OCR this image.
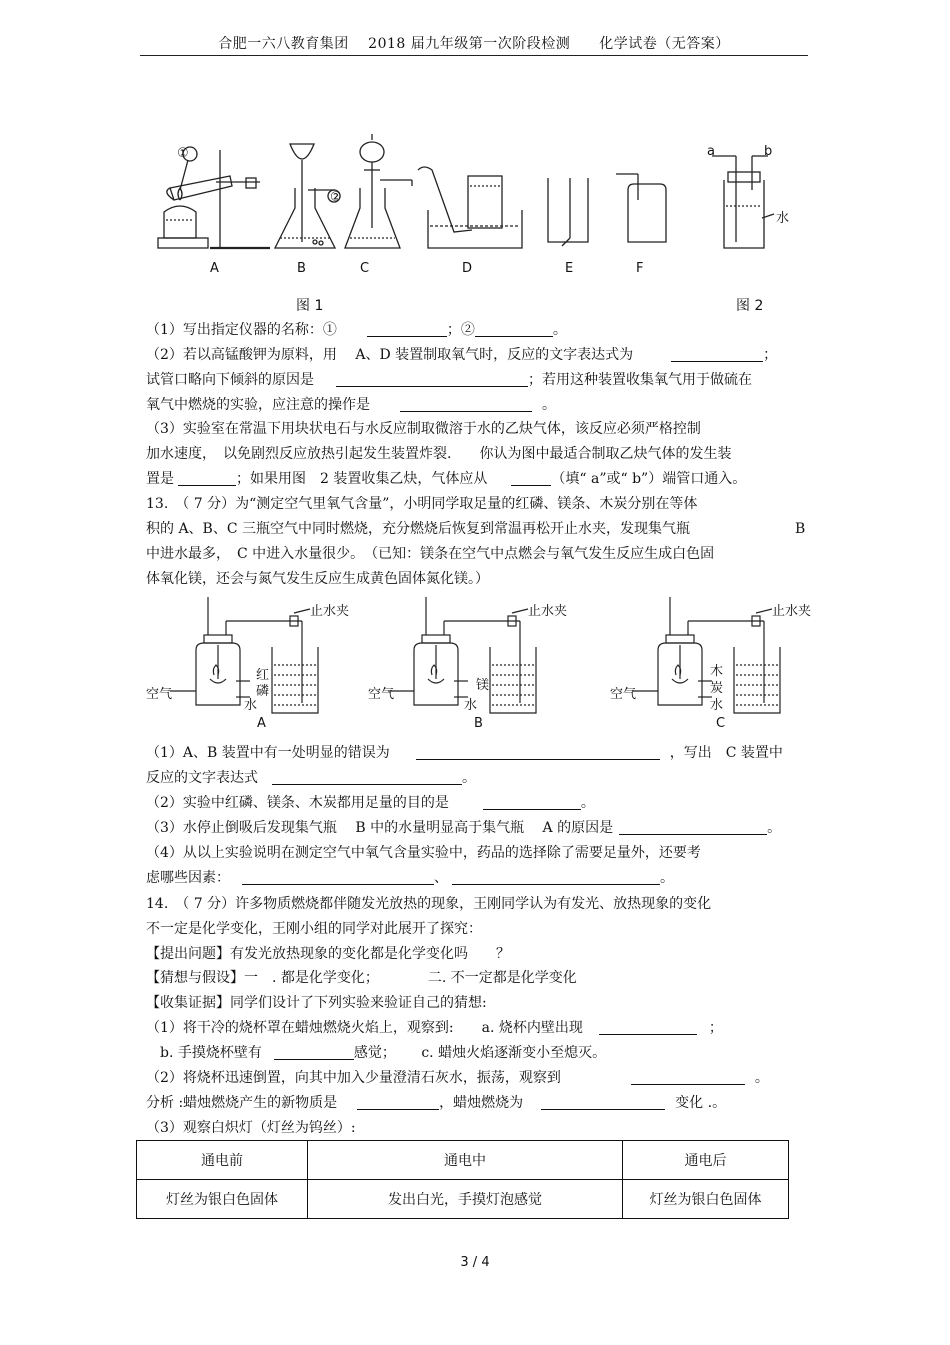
合肥一六八教育集团　 2018 届九年级第一次阶段检测　　化学试卷（无答案）
①
②
A	B	C	D	E	F
a	b
水
图 1	图 2
（1）写出指定仪器的名称：①	；②	。
（2）若以高锰酸钾为原料，用　 A、D 装置制取氧气时，反应的文字表达式为	；
试管口略向下倾斜的原因是	；若用这种装置收集氧气用于做硫在
氧气中燃烧的实验，应注意的操作是	。
（3）实验室在常温下用块状电石与水反应制取微溶于水的乙炔气体，该反应必须严格控制
加水速度，　以免剧烈反应放热引起发生装置炸裂.　　你认为图中最适合制取乙炔气体的发生装
置是	；如果用图　2 装置收集乙炔，气体应从	（填“ a”或“ b”）端管口通入。
13.　（ 7 分）为“测定空气里氧气含量”，小明同学取足量的红磷、镁条、木炭分别在等体
积的 A、B、C 三瓶空气中同时燃烧，充分燃烧后恢复到常温再松开止水夹，发现集气瓶	B
中进水最多，　C 中进入水量很少。　（已知：镁条在空气中点燃会与氧气发生反应生成白色固
体氧化镁，还会与氮气发生反应生成黄色固体氮化镁。）
止水夹	止水夹	止水夹
空气	空气	空气
红
磷	镁
木
炭
水	水	水
A	B	C
（1）A、B 装置中有一处明显的错误为	，写出　C 装置中
反应的文字表达式	。
（2）实验中红磷、镁条、木炭都用足量的目的是	。
（3）水停止倒吸后发现集气瓶　 B 中的水量明显高于集气瓶　 A 的原因是	。
（4）从以上实验说明在测定空气中氧气含量实验中，药品的选择除了需要足量外，还要考
虑哪些因素：	、	。
14.　（ 7 分）许多物质燃烧都伴随发光放热的现象，王刚同学认为有发光、放热现象的变化
不一定是化学变化，王刚小组的同学对此展开了探究：
【提出问题】有发光放热现象的变化都是化学变化吗　　？
【猜想与假设】一　. 都是化学变化；　　　　二. 不一定都是化学变化
【收集证据】同学们设计了下列实验来验证自己的猜想:
（1）将干冷的烧杯罩在蜡烛燃烧火焰上，观察到:　　a. 烧杯内壁出现	；
b. 手摸烧杯壁有	感觉；　　 c. 蜡烛火焰逐渐变小至熄灭。
（2）将烧杯迅速倒置，向其中加入少量澄清石灰水，振荡，观察到	。
分析 :蜡烛燃烧产生的新物质是	，蜡烛燃烧为	变化 .。
（3）观察白炽灯（灯丝为钨丝）:
通电前	通电中	通电后
灯丝为银白色固体	发出白光，手摸灯泡感觉	灯丝为银白色固体
3 / 4
